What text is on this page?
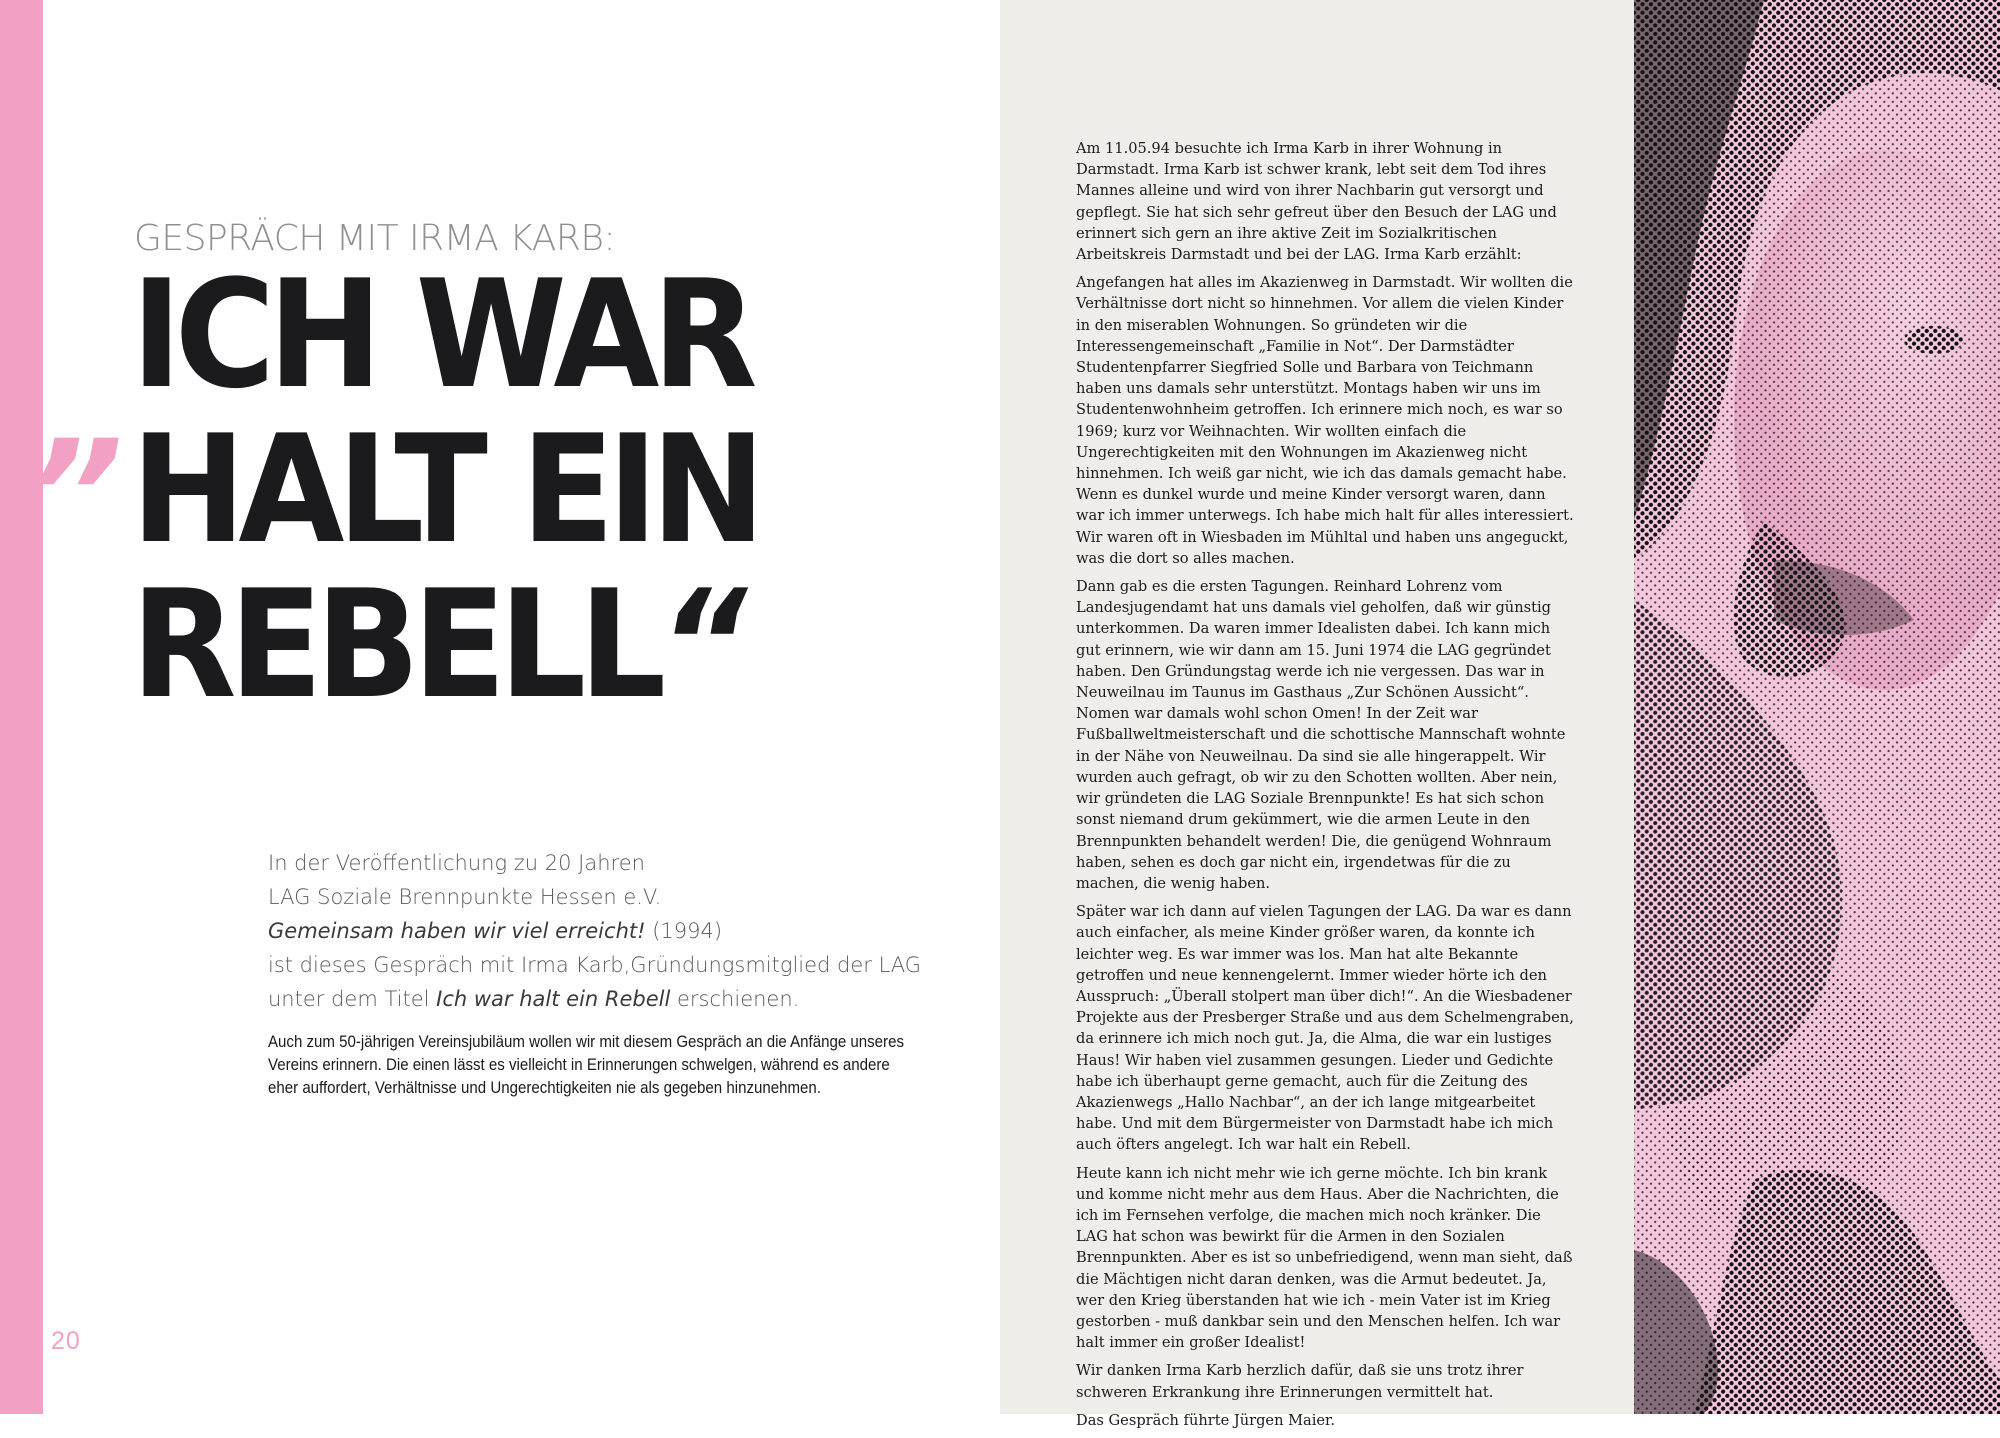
GESPRÄCH MIT IRMA KARB:
„
ICH WAR
HALT EIN
REBELL“

In der Veröffentlichung zu 20 Jahren

LAG Soziale Brennpunkte Hessen e.V.

Gemeinsam haben wir viel erreicht! (1994)

ist dieses Gespräch mit Irma Karb,Gründungsmitglied der LAG

unter dem Titel Ich war halt ein Rebell erschienen.

Auch zum 50-jährigen Vereinsjubiläum wollen wir mit diesem Gespräch an die Anfänge unseres Vereins erinnern. Die einen lässt es vielleicht in Erinnerungen schwelgen, während es andere eher auffordert, Verhältnisse und Ungerechtigkeiten nie als gegeben hinzunehmen.

20

Am 11.05.94 besuchte ich Irma Karb in ihrer Wohnung in Darmstadt. Irma Karb ist schwer krank, lebt seit dem Tod ihres Mannes alleine und wird von ihrer Nachbarin gut versorgt und gepflegt. Sie hat sich sehr gefreut über den Besuch der LAG und erinnert sich gern an ihre aktive Zeit im Sozialkritischen Arbeitskreis Darmstadt und bei der LAG. Irma Karb erzählt:

Angefangen hat alles im Akazienweg in Darmstadt. Wir wollten die Verhältnisse dort nicht so hinnehmen. Vor allem die vielen Kinder in den miserablen Wohnungen. So gründeten wir die Interessengemeinschaft „Familie in Not“. Der Darmstädter Studentenpfarrer Siegfried Solle und Barbara von Teichmann haben uns damals sehr unterstützt. Montags haben wir uns im Studentenwohnheim getroffen. Ich erinnere mich noch, es war so 1969; kurz vor Weihnachten. Wir wollten einfach die Ungerechtigkeiten mit den Wohnungen im Akazienweg nicht hinnehmen. Ich weiß gar nicht, wie ich das damals gemacht habe. Wenn es dunkel wurde und meine Kinder versorgt waren, dann war ich immer unterwegs. Ich habe mich halt für alles interessiert. Wir waren oft in Wiesbaden im Mühltal und haben uns angeguckt, was die dort so alles machen.

Dann gab es die ersten Tagungen. Reinhard Lohrenz vom Landesjugendamt hat uns damals viel geholfen, daß wir günstig unterkommen. Da waren immer Idealisten dabei. Ich kann mich gut erinnern, wie wir dann am 15. Juni 1974 die LAG gegründet haben. Den Gründungstag werde ich nie vergessen. Das war in Neuweilnau im Taunus im Gasthaus „Zur Schönen Aussicht“. Nomen war damals wohl schon Omen! In der Zeit war Fußballweltmeisterschaft und die schottische Mannschaft wohnte in der Nähe von Neuweilnau. Da sind sie alle hingerappelt. Wir wurden auch gefragt, ob wir zu den Schotten wollten. Aber nein, wir gründeten die LAG Soziale Brennpunkte! Es hat sich schon sonst niemand drum gekümmert, wie die armen Leute in den Brennpunkten behandelt werden! Die, die genügend Wohnraum haben, sehen es doch gar nicht ein, irgendetwas für die zu machen, die wenig haben.

Später war ich dann auf vielen Tagungen der LAG. Da war es dann auch einfacher, als meine Kinder größer waren, da konnte ich leichter weg. Es war immer was los. Man hat alte Bekannte getroffen und neue kennengelernt. Immer wieder hörte ich den Ausspruch: „Überall stolpert man über dich!“. An die Wiesbadener Projekte aus der Presberger Straße und aus dem Schelmengraben, da erinnere ich mich noch gut. Ja, die Alma, die war ein lustiges Haus! Wir haben viel zusammen gesungen. Lieder und Gedichte habe ich überhaupt gerne gemacht, auch für die Zeitung des Akazienwegs „Hallo Nachbar“, an der ich lange mitgearbeitet habe. Und mit dem Bürgermeister von Darmstadt habe ich mich auch öfters angelegt. Ich war halt ein Rebell.

Heute kann ich nicht mehr wie ich gerne möchte. Ich bin krank und komme nicht mehr aus dem Haus. Aber die Nachrichten, die ich im Fernsehen verfolge, die machen mich noch kränker. Die LAG hat schon was bewirkt für die Armen in den Sozialen Brennpunkten. Aber es ist so unbefriedigend, wenn man sieht, daß die Mächtigen nicht daran denken, was die Armut bedeutet. Ja, wer den Krieg überstanden hat wie ich - mein Vater ist im Krieg gestorben - muß dankbar sein und den Menschen helfen. Ich war halt immer ein großer Idealist!

Wir danken Irma Karb herzlich dafür, daß sie uns trotz ihrer schweren Erkrankung ihre Erinnerungen vermittelt hat.

Das Gespräch führte Jürgen Maier.
